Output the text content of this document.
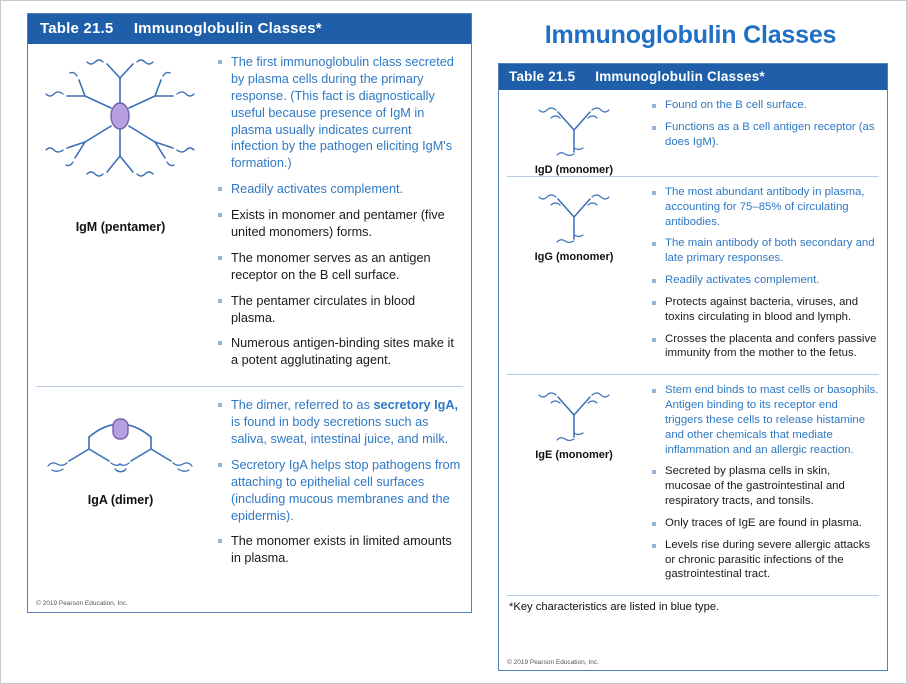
Table 21.5 Immunoglobulin Classes*
IgM (pentamer)
The first immunoglobulin class secreted by plasma cells during the primary response. (This fact is diagnostically useful because presence of IgM in plasma usually indicates current infection by the pathogen eliciting IgM's formation.)
Readily activates complement.
Exists in monomer and pentamer (five united monomers) forms.
The monomer serves as an antigen receptor on the B cell surface.
The pentamer circulates in blood plasma.
Numerous antigen-binding sites make it a potent agglutinating agent.
IgA (dimer)
The dimer, referred to as secretory IgA, is found in body secretions such as saliva, sweat, intestinal juice, and milk.
Secretory IgA helps stop pathogens from attaching to epithelial cell surfaces (including mucous membranes and the epidermis).
The monomer exists in limited amounts in plasma.
© 2019 Pearson Education, Inc.
Immunoglobulin Classes
Table 21.5 Immunoglobulin Classes*
IgD (monomer)
Found on the B cell surface.
Functions as a B cell antigen receptor (as does IgM).
IgG (monomer)
The most abundant antibody in plasma, accounting for 75–85% of circulating antibodies.
The main antibody of both secondary and late primary responses.
Readily activates complement.
Protects against bacteria, viruses, and toxins circulating in blood and lymph.
Crosses the placenta and confers passive immunity from the mother to the fetus.
IgE (monomer)
Stem end binds to mast cells or basophils. Antigen binding to its receptor end triggers these cells to release histamine and other chemicals that mediate inflammation and an allergic reaction.
Secreted by plasma cells in skin, mucosae of the gastrointestinal and respiratory tracts, and tonsils.
Only traces of IgE are found in plasma.
Levels rise during severe allergic attacks or chronic parasitic infections of the gastrointestinal tract.
*Key characteristics are listed in blue type.
© 2019 Pearson Education, Inc.
